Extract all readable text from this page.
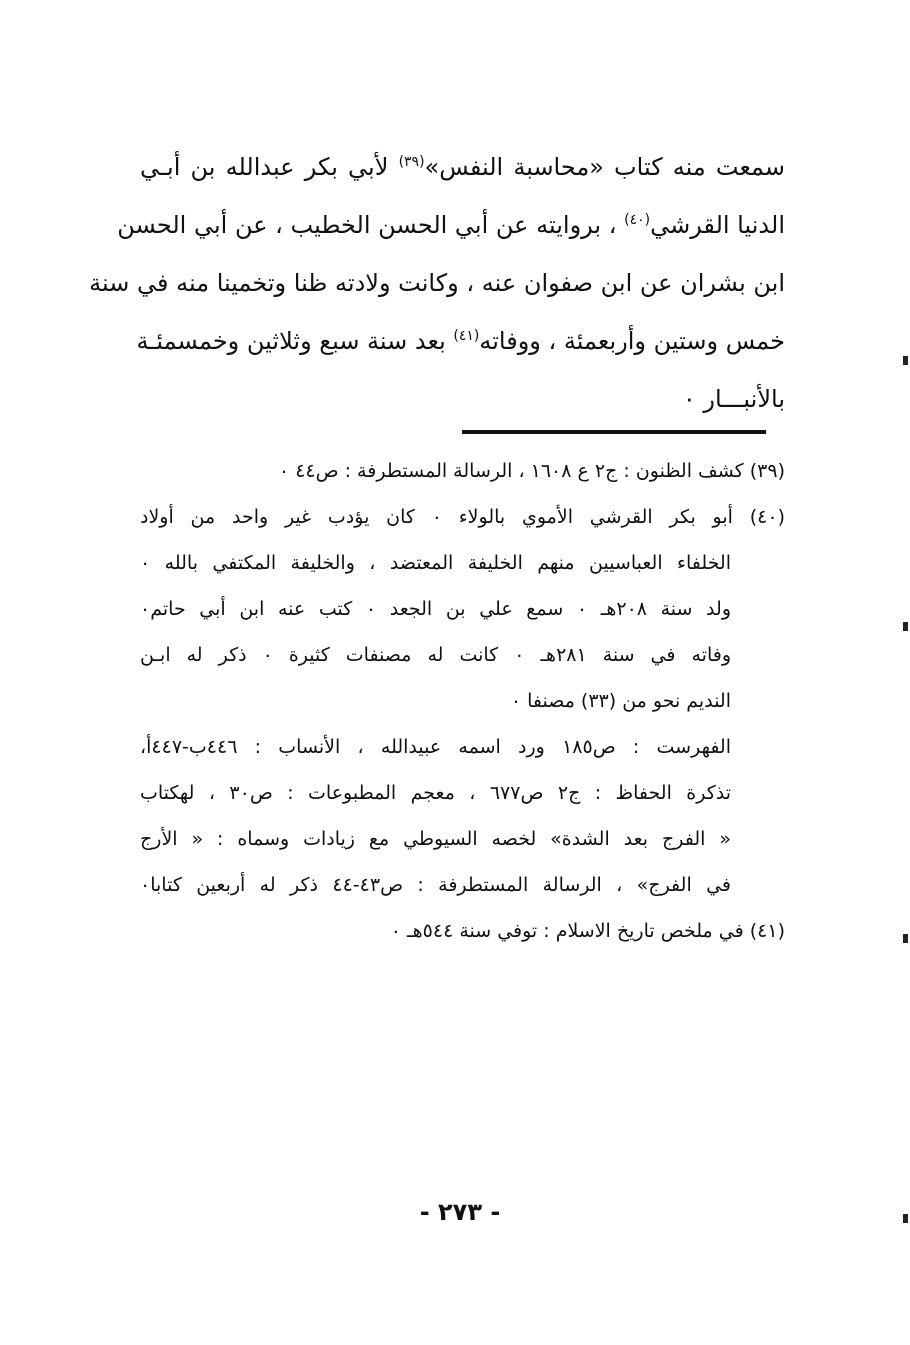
سمعت منه كتاب «محاسبة النفس»$^{(٣٩)}$ لأبي بكر عبدالله بن أبـي
الدنيا القرشي$^{(٤٠)}$ ، بروايته عن أبي الحسن الخطيب ، عن أبي الحسن
ابن بشران عن ابن صفوان عنه ، وكانت ولادته ظنا وتخمينا منه في سنة
خمس وستين وأربعمئة ، ووفاته$^{(٤١)}$ بعد سنة سبع وثلاثين وخمسمئـة
بالأنبـــار ٠
(٣٩) كشف الظنون : ج٢ ع ١٦٠٨ ، الرسالة المستطرفة : ص٤٤ ٠
(٤٠) أبو بكر القرشي الأموي بالولاء ٠ كان يؤدب غير واحد من أولاد
الخلفاء العباسيين منهم الخليفة المعتضد ، والخليفة المكتفي بالله ٠
ولد سنة ٢٠٨هـ ٠ سمع علي بن الجعد ٠ كتب عنه ابن أبي حاتم٠
وفاته في سنة ٢٨١هـ ٠ كانت له مصنفات كثيرة ٠ ذكر له ابـن
النديم نحو من (٣٣) مصنفا ٠
الفهرست : ص١٨٥ ورد اسمه عبيدالله ، الأنساب : ٤٤٦ب-٤٤٧أ،
تذكرة الحفاظ : ج٢ ص٦٧٧ ، معجم المطبوعات : ص٣٠ ، لهكتاب
« الفرج بعد الشدة» لخصه السيوطي مع زيادات وسماه : « الأرج
في الفرج» ، الرسالة المستطرفة : ص٤٣-٤٤ ذكر له أربعين كتابا٠
(٤١) في ملخص تاريخ الاسلام : توفي سنة ٥٤٤هـ ٠
- ٢٧٣ -
